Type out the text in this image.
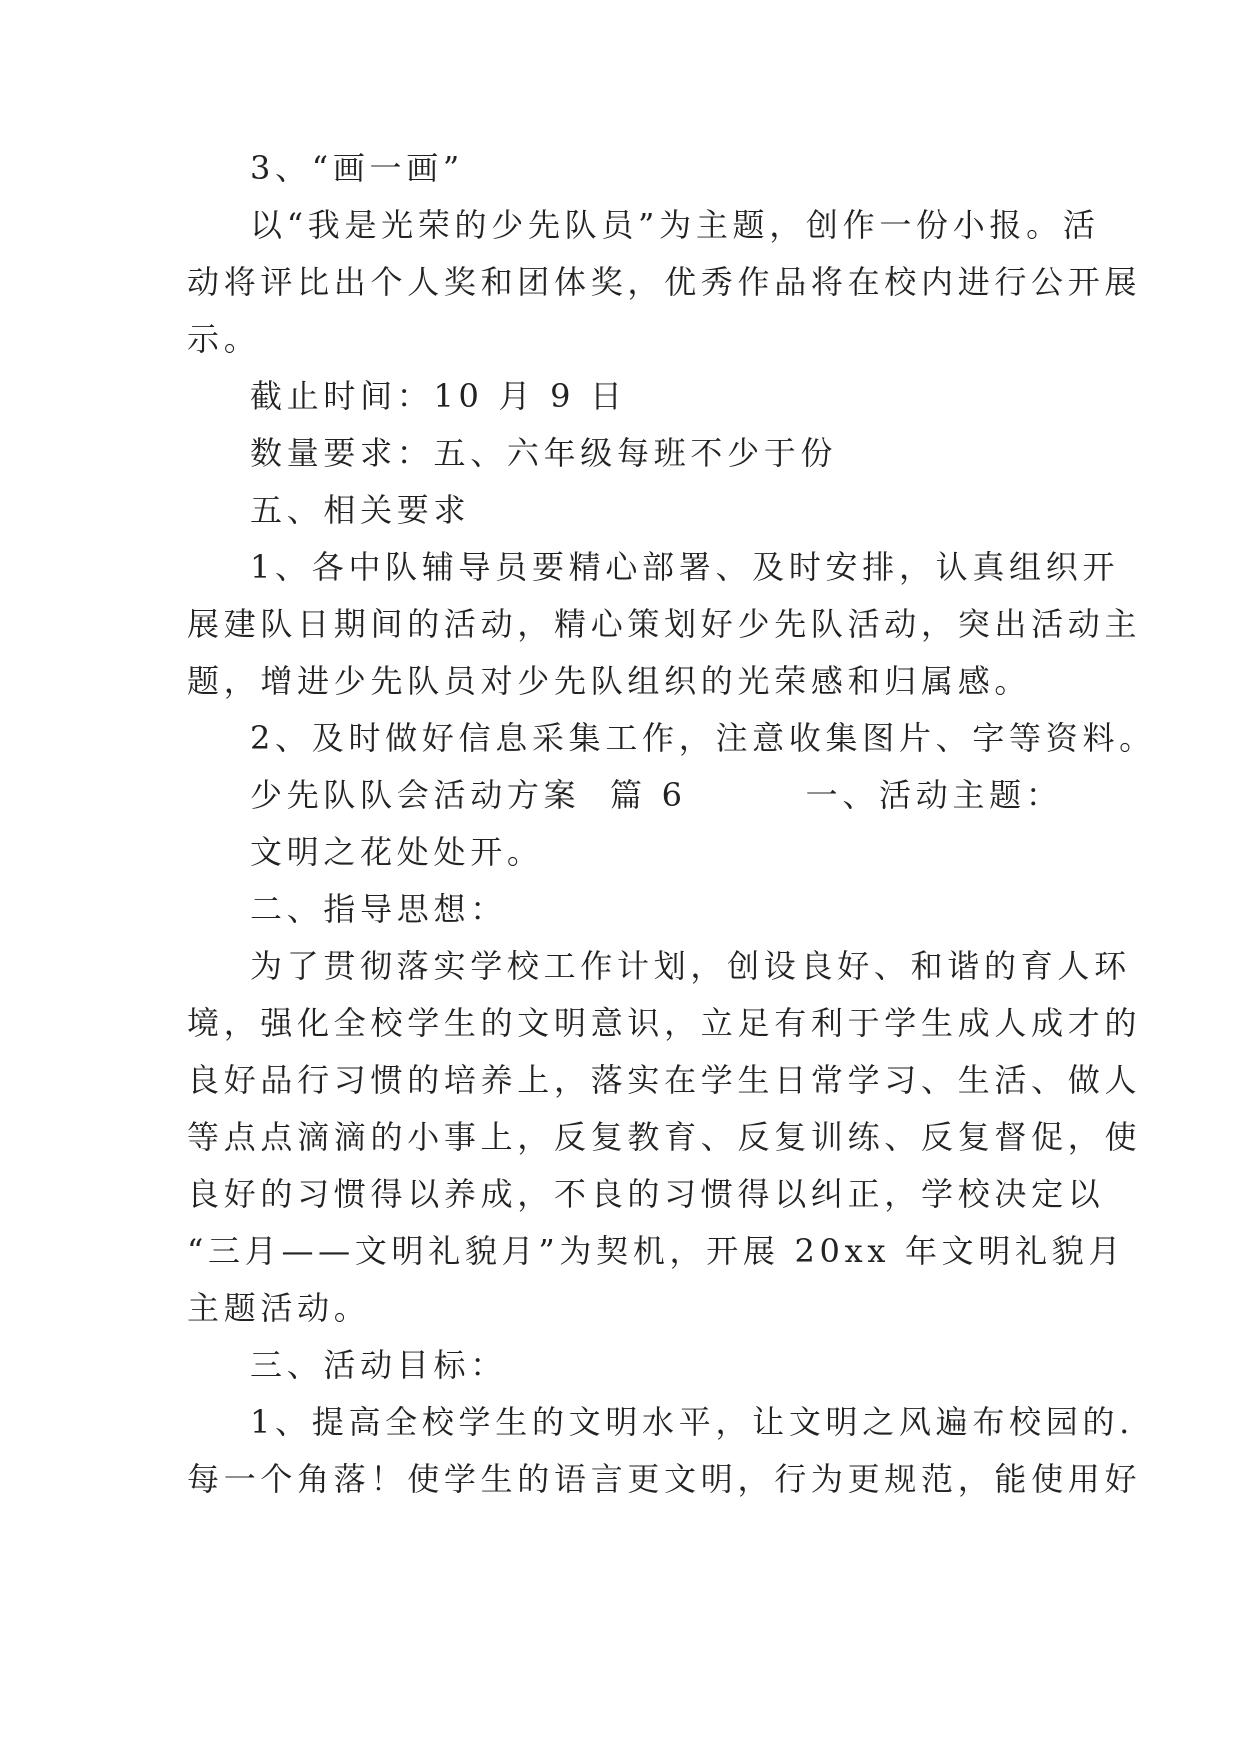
3、“画一画”
以“我是光荣的少先队员”为主题，创作一份小报。活
动将评比出个人奖和团体奖，优秀作品将在校内进行公开展
示。
截止时间：10 月 9 日
数量要求：五、六年级每班不少于份
五、相关要求
1、各中队辅导员要精心部署、及时安排，认真组织开
展建队日期间的活动，精心策划好少先队活动，突出活动主
题，增进少先队员对少先队组织的光荣感和归属感。
2、及时做好信息采集工作，注意收集图片、字等资料。
少先队队会活动方案  篇 6        一、活动主题：
文明之花处处开。
二、指导思想：
为了贯彻落实学校工作计划，创设良好、和谐的育人环
境，强化全校学生的文明意识，立足有利于学生成人成才的
良好品行习惯的培养上，落实在学生日常学习、生活、做人
等点点滴滴的小事上，反复教育、反复训练、反复督促，使
良好的习惯得以养成，不良的习惯得以纠正，学校决定以
“三月——文明礼貌月”为契机，开展 20xx 年文明礼貌月
主题活动。
三、活动目标：
1、提高全校学生的文明水平，让文明之风遍布校园的.
每一个角落！使学生的语言更文明，行为更规范，能使用好
